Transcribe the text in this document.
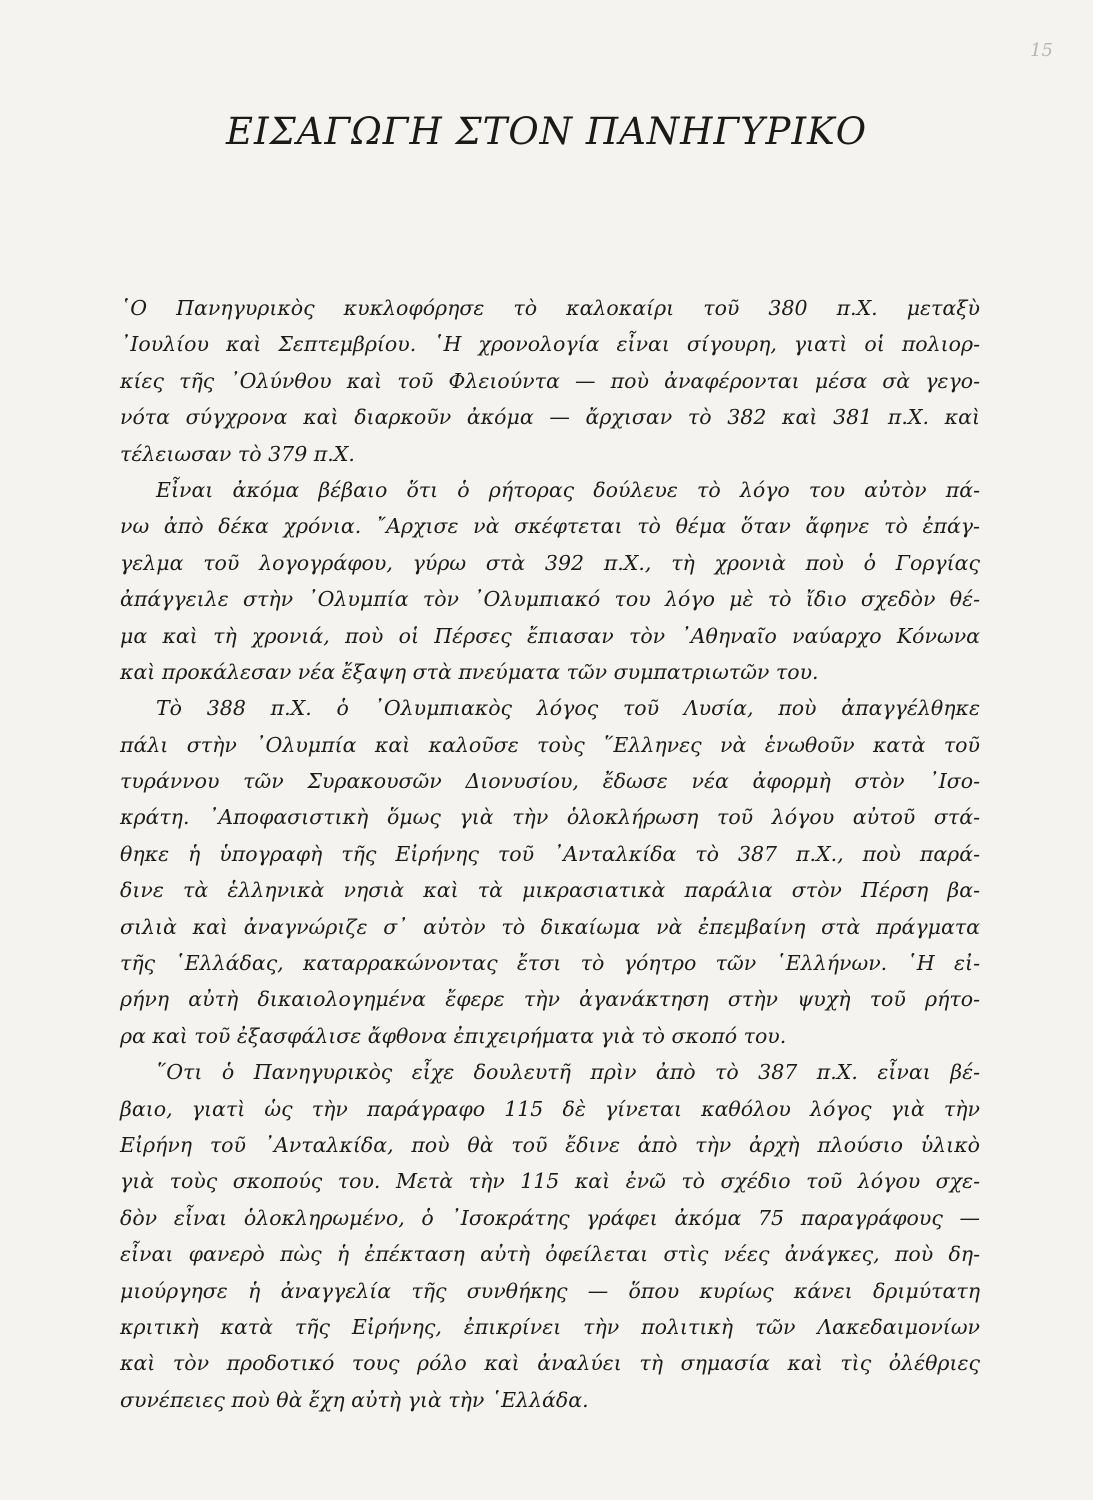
15
ΕΙΣΑΓΩΓΗ ΣΤΟΝ ΠΑΝΗΓΥΡΙΚΟ
῾Ο Πανηγυρικὸς κυκλοφόρησε τὸ καλοκαίρι τοῦ 380 π.Χ. μεταξὺ
᾿Ιουλίου καὶ Σεπτεμβρίου. ῾Η χρονολογία εἶναι σίγουρη, γιατὶ οἱ πολιορ-
κίες τῆς ᾿Ολύνθου καὶ τοῦ Φλειούντα — ποὺ ἀναφέρονται μέσα σὰ γεγο-
νότα σύγχρονα καὶ διαρκοῦν ἀκόμα — ἄρχισαν τὸ 382 καὶ 381 π.Χ. καὶ
τέλειωσαν τὸ 379 π.Χ.
Εἶναι ἀκόμα βέβαιο ὅτι ὁ ρήτορας δούλευε τὸ λόγο του αὐτὸν πά-
νω ἀπὸ δέκα χρόνια. ῎Αρχισε νὰ σκέφτεται τὸ θέμα ὅταν ἄφηνε τὸ ἐπάγ-
γελμα τοῦ λογογράφου, γύρω στὰ 392 π.Χ., τὴ χρονιὰ ποὺ ὁ Γοργίας
ἀπάγγειλε στὴν ᾿Ολυμπία τὸν ᾿Ολυμπιακό του λόγο μὲ τὸ ἴδιο σχεδὸν θέ-
μα καὶ τὴ χρονιά, ποὺ οἱ Πέρσες ἔπιασαν τὸν ᾿Αθηναῖο ναύαρχο Κόνωνα
καὶ προκάλεσαν νέα ἔξαψη στὰ πνεύματα τῶν συμπατριωτῶν του.
Τὸ 388 π.Χ. ὁ ᾿Ολυμπιακὸς λόγος τοῦ Λυσία, ποὺ ἀπαγγέλθηκε
πάλι στὴν ᾿Ολυμπία καὶ καλοῦσε τοὺς ῞Ελληνες νὰ ἑνωθοῦν κατὰ τοῦ
τυράννου τῶν Συρακουσῶν Διονυσίου, ἔδωσε νέα ἀφορμὴ στὸν ᾿Ισο-
κράτη. ᾿Αποφασιστικὴ ὅμως γιὰ τὴν ὁλοκλήρωση τοῦ λόγου αὐτοῦ στά-
θηκε ἡ ὑπογραφὴ τῆς Εἰρήνης τοῦ ᾿Ανταλκίδα τὸ 387 π.Χ., ποὺ παρά-
δινε τὰ ἑλληνικὰ νησιὰ καὶ τὰ μικρασιατικὰ παράλια στὸν Πέρση βα-
σιλιὰ καὶ ἀναγνώριζε σ᾿ αὐτὸν τὸ δικαίωμα νὰ ἐπεμβαίνη στὰ πράγματα
τῆς ῾Ελλάδας, καταρρακώνοντας ἔτσι τὸ γόητρο τῶν ῾Ελλήνων. ῾Η εἰ-
ρήνη αὐτὴ δικαιολογημένα ἔφερε τὴν ἀγανάκτηση στὴν ψυχὴ τοῦ ρήτο-
ρα καὶ τοῦ ἐξασφάλισε ἄφθονα ἐπιχειρήματα γιὰ τὸ σκοπό του.
῞Οτι ὁ Πανηγυρικὸς εἶχε δουλευτῆ πρὶν ἀπὸ τὸ 387 π.Χ. εἶναι βέ-
βαιο, γιατὶ ὡς τὴν παράγραφο 115 δὲ γίνεται καθόλου λόγος γιὰ τὴν
Εἰρήνη τοῦ ᾿Ανταλκίδα, ποὺ θὰ τοῦ ἔδινε ἀπὸ τὴν ἀρχὴ πλούσιο ὑλικὸ
γιὰ τοὺς σκοπούς του. Μετὰ τὴν 115 καὶ ἐνῶ τὸ σχέδιο τοῦ λόγου σχε-
δὸν εἶναι ὁλοκληρωμένο, ὁ ᾿Ισοκράτης γράφει ἀκόμα 75 παραγράφους —
εἶναι φανερὸ πὼς ἡ ἐπέκταση αὐτὴ ὀφείλεται στὶς νέες ἀνάγκες, ποὺ δη-
μιούργησε ἡ ἀναγγελία τῆς συνθήκης — ὅπου κυρίως κάνει δριμύτατη
κριτικὴ κατὰ τῆς Εἰρήνης, ἐπικρίνει τὴν πολιτικὴ τῶν Λακεδαιμονίων
καὶ τὸν προδοτικό τους ρόλο καὶ ἀναλύει τὴ σημασία καὶ τὶς ὀλέθριες
συνέπειες ποὺ θὰ ἔχη αὐτὴ γιὰ τὴν ῾Ελλάδα.
